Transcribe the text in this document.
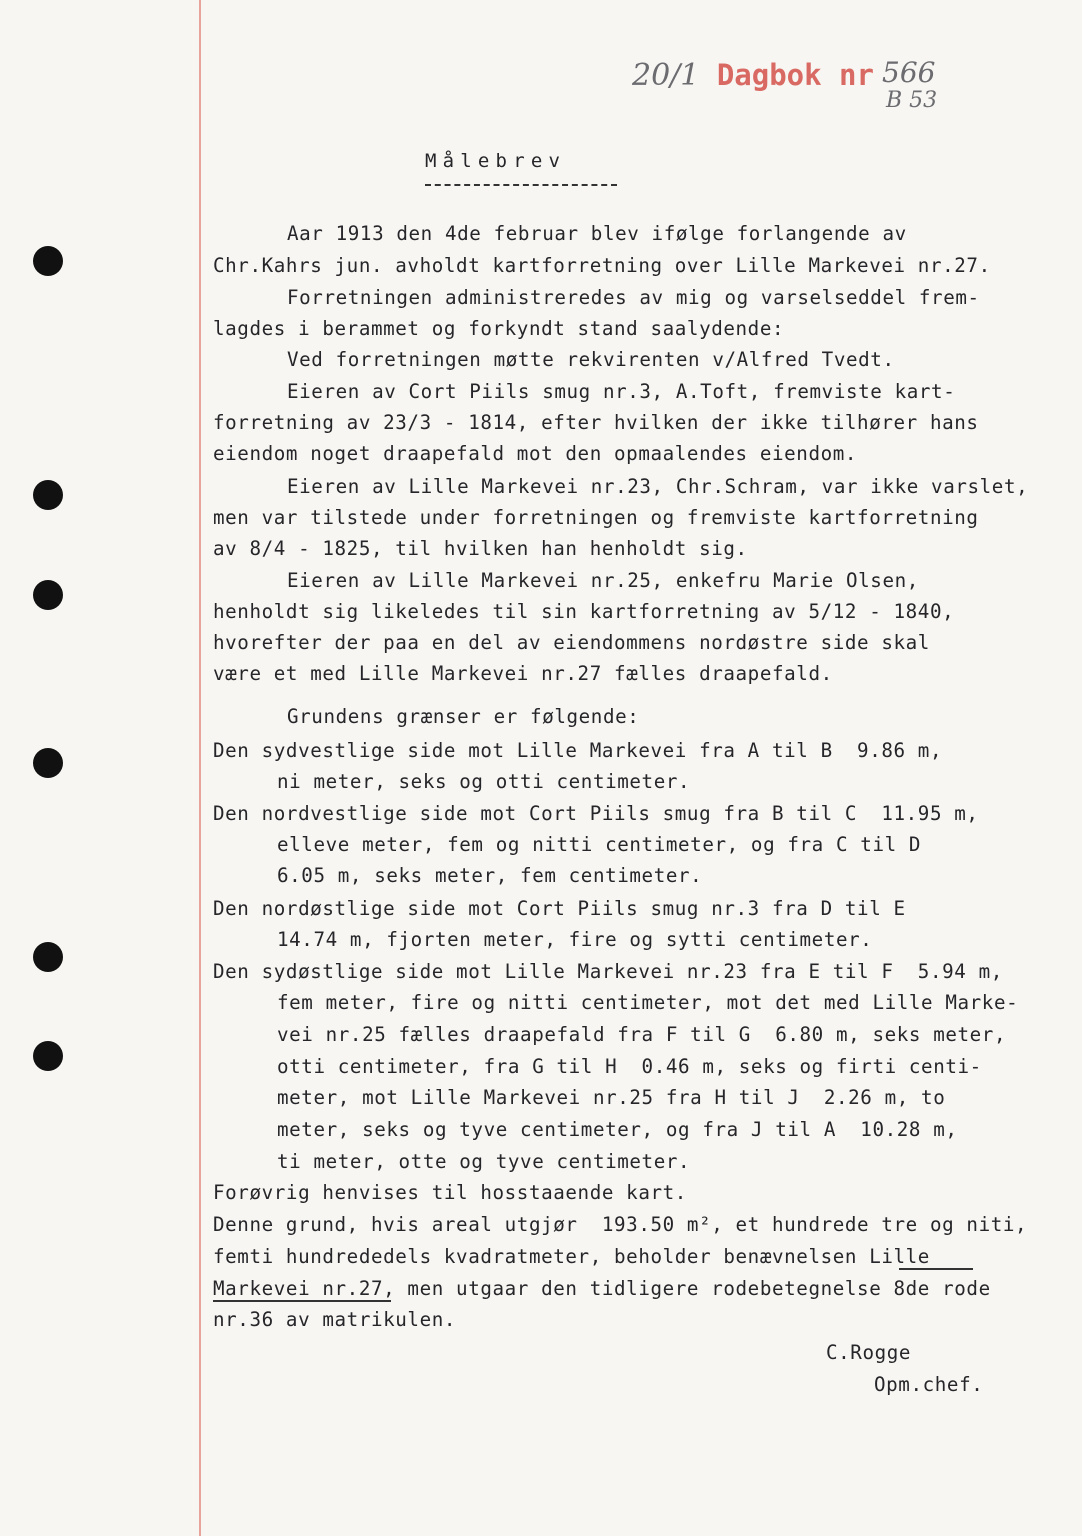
20/1 Dagbok nr 566
B 53
Målebrev
Aar 1913 den 4de februar blev ifølge forlangende av
Chr.Kahrs jun. avholdt kartforretning over Lille Markevei nr.27.
Forretningen administreredes av mig og varselseddel frem-
lagdes i berammet og forkyndt stand saalydende:
Ved forretningen møtte rekvirenten v/Alfred Tvedt.
Eieren av Cort Piils smug nr.3, A.Toft, fremviste kart-
forretning av 23/3 - 1814, efter hvilken der ikke tilhører hans
eiendom noget draapefald mot den opmaalendes eiendom.
Eieren av Lille Markevei nr.23, Chr.Schram, var ikke varslet,
men var tilstede under forretningen og fremviste kartforretning
av 8/4 - 1825, til hvilken han henholdt sig.
Eieren av Lille Markevei nr.25, enkefru Marie Olsen,
henholdt sig likeledes til sin kartforretning av 5/12 - 1840,
hvorefter der paa en del av eiendommens nordøstre side skal
være et med Lille Markevei nr.27 fælles draapefald.
Grundens grænser er følgende:
Den sydvestlige side mot Lille Markevei fra A til B  9.86 m,
ni meter, seks og otti centimeter.
Den nordvestlige side mot Cort Piils smug fra B til C  11.95 m,
elleve meter, fem og nitti centimeter, og fra C til D
6.05 m, seks meter, fem centimeter.
Den nordøstlige side mot Cort Piils smug nr.3 fra D til E
14.74 m, fjorten meter, fire og sytti centimeter.
Den sydøstlige side mot Lille Markevei nr.23 fra E til F  5.94 m,
fem meter, fire og nitti centimeter, mot det med Lille Marke-
vei nr.25 fælles draapefald fra F til G  6.80 m, seks meter,
otti centimeter, fra G til H  0.46 m, seks og firti centi-
meter, mot Lille Markevei nr.25 fra H til J  2.26 m, to
meter, seks og tyve centimeter, og fra J til A  10.28 m,
ti meter, otte og tyve centimeter.
Forøvrig henvises til hosstaaende kart.
Denne grund, hvis areal utgjør  193.50 m², et hundrede tre og niti,
femti hundrededels kvadratmeter, beholder benævnelsen Lille
Markevei nr.27, men utgaar den tidligere rodebetegnelse 8de rode
nr.36 av matrikulen.
C.Rogge
Opm.chef.
